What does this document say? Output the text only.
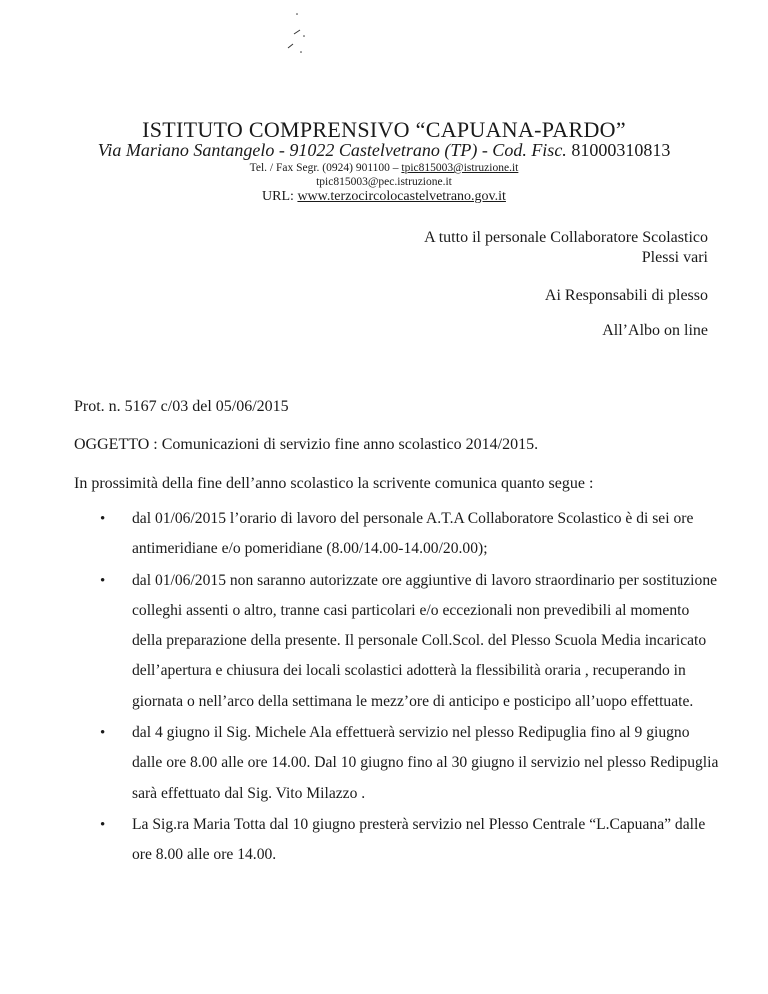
ISTITUTO COMPRENSIVO “CAPUANA-PARDO”
Via Mariano Santangelo - 91022 Castelvetrano (TP) - Cod. Fisc. 81000310813
Tel. / Fax Segr. (0924) 901100 – tpic815003@istruzione.it
tpic815003@pec.istruzione.it
URL: www.terzocircolocastelvetrano.gov.it
A tutto il personale Collaboratore Scolastico
Plessi vari
Ai Responsabili di plesso
All’Albo on line
Prot. n. 5167 c/03 del 05/06/2015
OGGETTO : Comunicazioni di servizio fine anno scolastico 2014/2015.
In prossimità della fine dell’anno scolastico la scrivente comunica quanto segue :
• dal 01/06/2015 l’orario di lavoro del personale A.T.A Collaboratore Scolastico è di sei ore antimeridiane e/o pomeridiane (8.00/14.00-14.00/20.00);
• dal 01/06/2015 non saranno autorizzate ore aggiuntive di lavoro straordinario per sostituzione colleghi assenti o altro, tranne casi particolari e/o eccezionali non prevedibili al momento della preparazione della presente. Il personale Coll.Scol. del Plesso Scuola Media incaricato dell’apertura e chiusura dei locali scolastici adotterà la flessibilità oraria , recuperando in giornata o nell’arco della settimana le mezz’ore di anticipo e posticipo all’uopo effettuate.
• dal 4 giugno il Sig. Michele Ala effettuerà servizio nel plesso Redipuglia fino al 9 giugno dalle ore 8.00 alle ore 14.00. Dal 10 giugno fino al 30 giugno il servizio nel plesso Redipuglia sarà effettuato dal Sig. Vito Milazzo .
• La Sig.ra Maria Totta dal 10 giugno presterà servizio nel Plesso Centrale “L.Capuana” dalle ore 8.00 alle ore 14.00.
